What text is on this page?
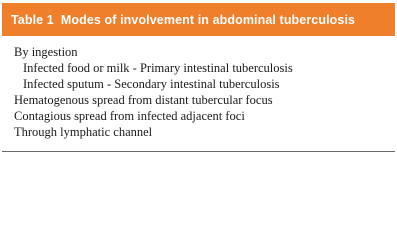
Table 1 Modes of involvement in abdominal tuberculosis
By ingestion
Infected food or milk - Primary intestinal tuberculosis
Infected sputum - Secondary intestinal tuberculosis
Hematogenous spread from distant tubercular focus
Contagious spread from infected adjacent foci
Through lymphatic channel
